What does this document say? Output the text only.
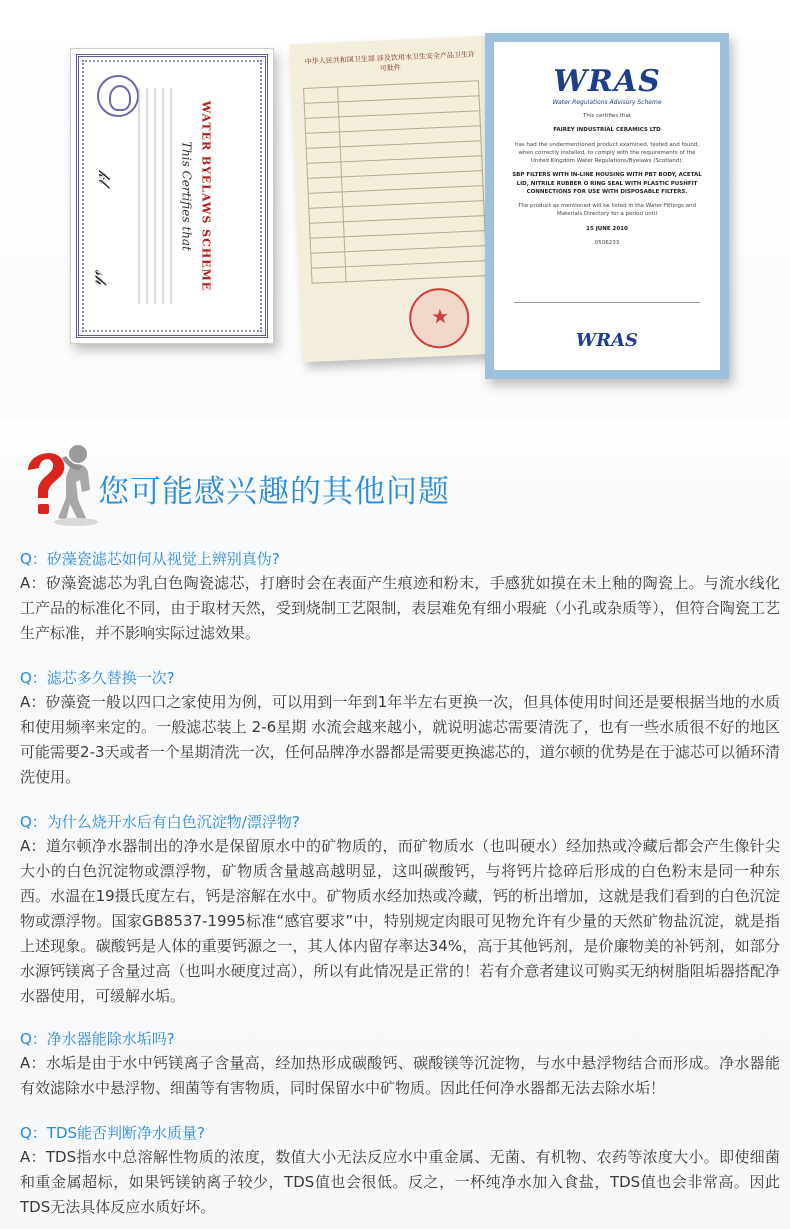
WATER BYELAWS SCHEME
This Certifies that
𝓀𝓁
𝓈𝒽
中华人民共和国卫生部 涉及饮用水卫生安全产品卫生许可批件

★	WRAS
Water Regulations Advisory Scheme
This certifies that
FAIREY INDUSTRIAL CERAMICS LTD
has had the undermentioned product examined, tested and found, when correctly installed, to comply with the requirements of the United Kingdom Water Regulations/Byelaws (Scotland).
SBP FILTERS WITH IN-LINE HOUSING WITH PBT BODY, ACETAL LID, NITRILE RUBBER O RING SEAL WITH PLASTIC PUSHFIT CONNECTIONS FOR USE WITH DISPOSABLE FILTERS.
The product as mentioned will be listed in the Water Fittings and Materials Directory for a period until
15 JUNE 2010
0506233
WRAS
您可能感兴趣的其他问题
Q：矽藻瓷滤芯如何从视觉上辨别真伪?
A：矽藻瓷滤芯为乳白色陶瓷滤芯，打磨时会在表面产生痕迹和粉末，手感犹如摸在未上釉的陶瓷上。与流水线化工产品的标准化不同，由于取材天然，受到烧制工艺限制，表层难免有细小瑕疵（小孔或杂质等），但符合陶瓷工艺生产标准，并不影响实际过滤效果。
Q：滤芯多久替换一次?
A：矽藻瓷一般以四口之家使用为例，可以用到一年到1年半左右更换一次，但具体使用时间还是要根据当地的水质和使用频率来定的。一般滤芯装上 2-6星期 水流会越来越小，就说明滤芯需要清洗了，也有一些水质很不好的地区可能需要2-3天或者一个星期清洗一次，任何品牌净水器都是需要更换滤芯的，道尔顿的优势是在于滤芯可以循环清洗使用。
Q：为什么烧开水后有白色沉淀物/漂浮物?
A：道尔顿净水器制出的净水是保留原水中的矿物质的，而矿物质水（也叫硬水）经加热或冷藏后都会产生像针尖大小的白色沉淀物或漂浮物，矿物质含量越高越明显，这叫碳酸钙，与将钙片捻碎后形成的白色粉末是同一种东西。水温在19摄氏度左右，钙是溶解在水中。矿物质水经加热或冷藏，钙的析出增加，这就是我们看到的白色沉淀物或漂浮物。国家GB8537-1995标准“感官要求”中，特别规定肉眼可见物允许有少量的天然矿物盐沉淀，就是指上述现象。碳酸钙是人体的重要钙源之一，其人体内留存率达34%，高于其他钙剂，是价廉物美的补钙剂，如部分水源钙镁离子含量过高（也叫水硬度过高），所以有此情况是正常的！若有介意者建议可购买无纳树脂阻垢器搭配净水器使用，可缓解水垢。
Q：净水器能除水垢吗?
A：水垢是由于水中钙镁离子含量高，经加热形成碳酸钙、碳酸镁等沉淀物，与水中悬浮物结合而形成。净水器能有效滤除水中悬浮物、细菌等有害物质，同时保留水中矿物质。因此任何净水器都无法去除水垢！
Q：TDS能否判断净水质量?
A：TDS指水中总溶解性物质的浓度，数值大小无法反应水中重金属、无菌、有机物、农药等浓度大小。即使细菌和重金属超标，如果钙镁钠离子较少，TDS值也会很低。反之，一杯纯净水加入食盐，TDS值也会非常高。因此TDS无法具体反应水质好坏。
